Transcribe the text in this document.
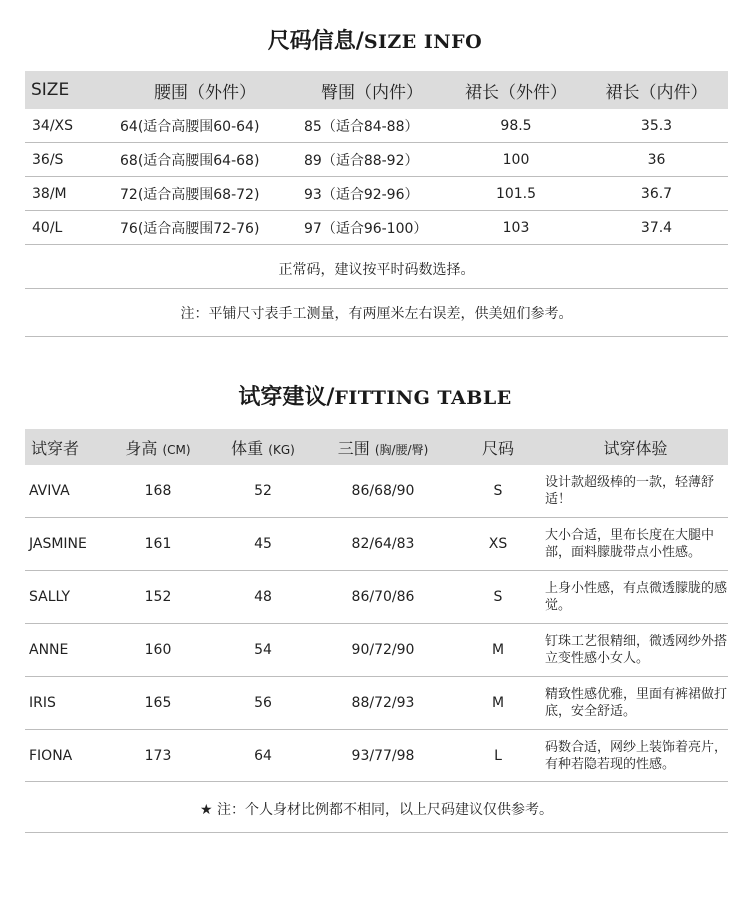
尺码信息/SIZE INFO
SIZE	腰围（外件）	臀围（内件）	裙长（外件）	裙长（内件）
34/XS	64(适合高腰围60-64)	85（适合84-88）	98.5	35.3
36/S	68(适合高腰围64-68)	89（适合88-92）	100	36
38/M	72(适合高腰围68-72)	93（适合92-96）	101.5	36.7
40/L	76(适合高腰围72-76)	97（适合96-100）	103	37.4
正常码，建议按平时码数选择。
注：平铺尺寸表手工测量，有两厘米左右误差，供美妞们参考。
试穿建议/FITTING TABLE
试穿者	身高 (CM)	体重 (KG)	三围 (胸/腰/臀)	尺码	试穿体验
AVIVA	168	52	86/68/90	S	设计款超级棒的一款，轻薄舒适！
JASMINE	161	45	82/64/83	XS	大小合适，里布长度在大腿中部，面料朦胧带点小性感。
SALLY	152	48	86/70/86	S	上身小性感，有点微透朦胧的感觉。
ANNE	160	54	90/72/90	M	钉珠工艺很精细，微透网纱外搭立变性感小女人。
IRIS	165	56	88/72/93	M	精致性感优雅，里面有裤裙做打底，安全舒适。
FIONA	173	64	93/77/98	L	码数合适，网纱上装饰着亮片，有种若隐若现的性感。
★ 注：个人身材比例都不相同，以上尺码建议仅供参考。
